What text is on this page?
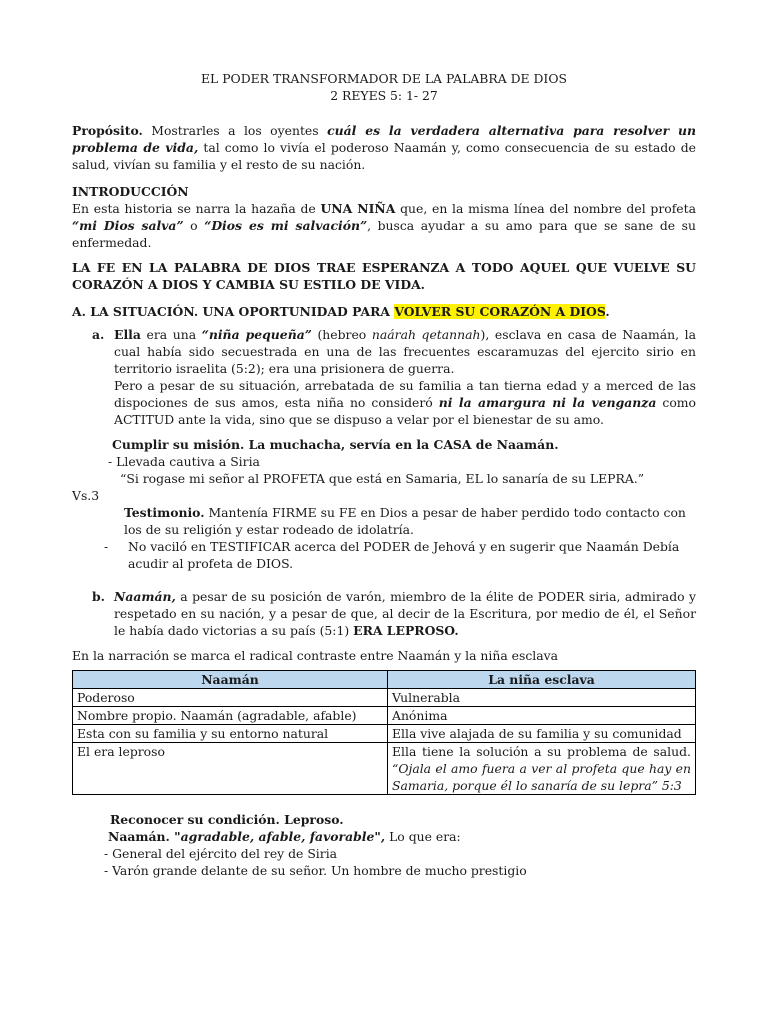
EL PODER TRANSFORMADOR DE LA PALABRA DE DIOS
2 REYES 5: 1- 27
Propósito. Mostrarles a los oyentes cuál es la verdadera alternativa para resolver un problema de vida, tal como lo vivía el poderoso Naamán y, como consecuencia de su estado de salud, vivían su familia y el resto de su nación.
INTRODUCCIÓN
En esta historia se narra la hazaña de UNA NIÑA que, en la misma línea del nombre del profeta “mi Dios salva” o “Dios es mi salvación”, busca ayudar a su amo para que se sane de su enfermedad.
LA FE EN LA PALABRA DE DIOS TRAE ESPERANZA A TODO AQUEL QUE VUELVE SU CORAZÓN A DIOS Y CAMBIA SU ESTILO DE VIDA.
A. LA SITUACIÓN. UNA OPORTUNIDAD PARA VOLVER SU CORAZÓN A DIOS.
a. Ella era una “niña pequeña” (hebreo naárah qetannah), esclava en casa de Naamán, la cual había sido secuestrada en una de las frecuentes escaramuzas del ejercito sirio en territorio israelita (5:2); era una prisionera de guerra.
Pero a pesar de su situación, arrebatada de su familia a tan tierna edad y a merced de las dispociones de sus amos, esta niña no consideró ni la amargura ni la venganza como ACTITUD ante la vida, sino que se dispuso a velar por el bienestar de su amo.
Cumplir su misión. La muchacha, servía en la CASA de Naamán.
- Llevada cautiva a Siria
“Si rogase mi señor al PROFETA que está en Samaria, EL lo sanaría de su LEPRA.”
Vs.3
Testimonio. Mantenía FIRME su FE en Dios a pesar de haber perdido todo contacto con los de su religión y estar rodeado de idolatría.
- No vaciló en TESTIFICAR acerca del PODER de Jehová y en sugerir que Naamán Debía acudir al profeta de DIOS.
b. Naamán, a pesar de su posición de varón, miembro de la élite de PODER siria, admirado y respetado en su nación, y a pesar de que, al decir de la Escritura, por medio de él, el Señor le había dado victorias a su país (5:1) ERA LEPROSO.
En la narración se marca el radical contraste entre Naamán y la niña esclava
Naamán	La niña esclava
Poderoso	Vulnerabla
Nombre propio. Naamán (agradable, afable)	Anónima
Esta con su familia y su entorno natural	Ella vive alajada de su familia y su comunidad
El era leproso	Ella tiene la solución a su problema de salud. “Ojala el amo fuera a ver al profeta que hay en Samaria, porque él lo sanaría de su lepra” 5:3
Reconocer su condición. Leproso.
Naamán. "agradable, afable, favorable", Lo que era:
- General del ejército del rey de Siria
- Varón grande delante de su señor. Un hombre de mucho prestigio
